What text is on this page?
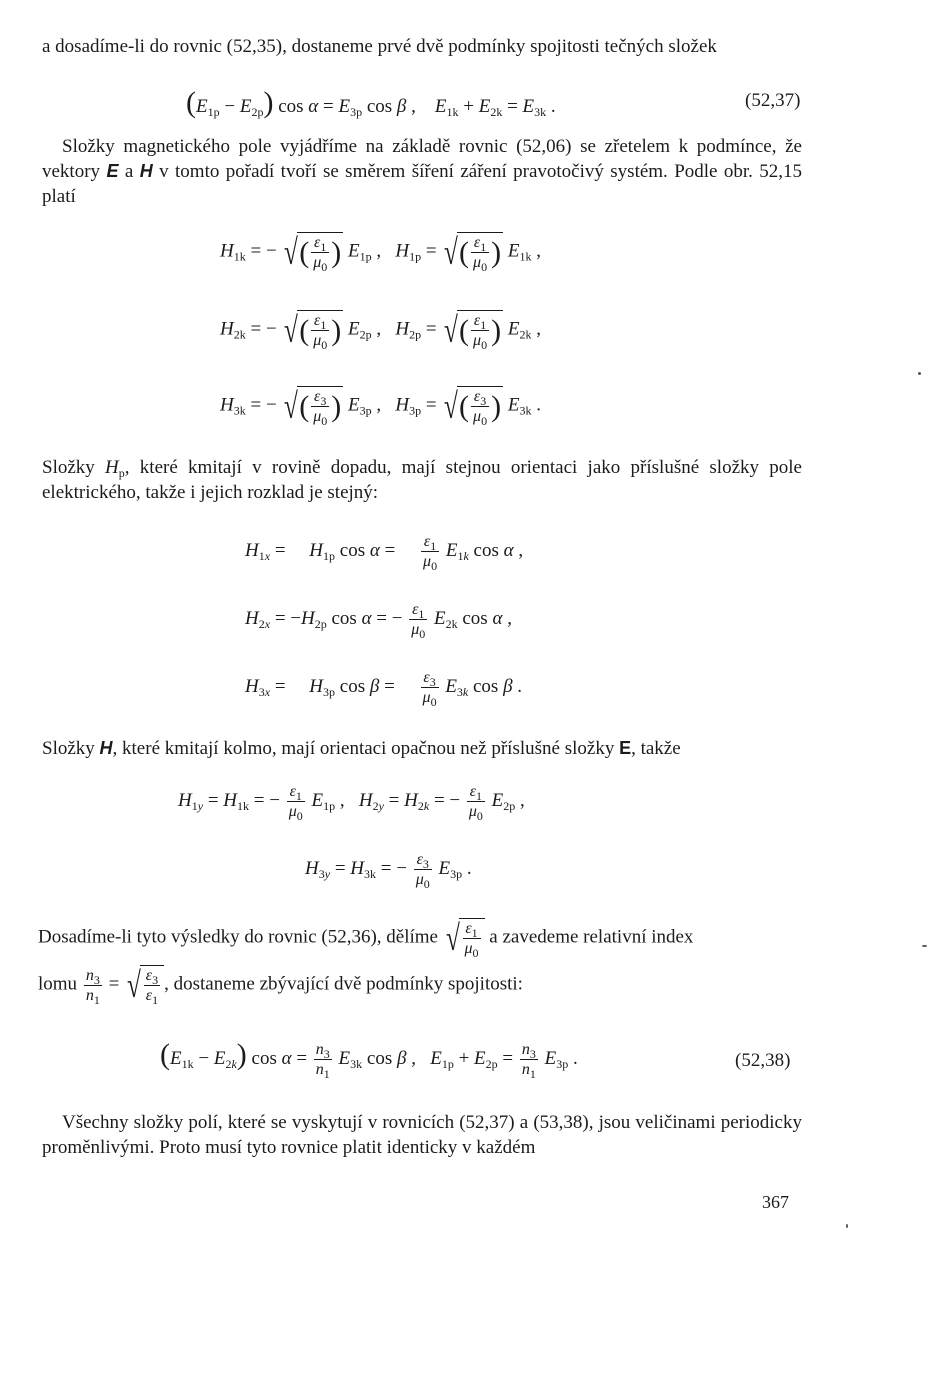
a dosadíme-li do rovnic (52,35), dostaneme prvé dvě podmínky spojitosti tečných složek
$(E_{1p} - E_{2p})$ $\cos \alpha = E_{3p}$ cos β ,    $E_{1k} + E_{2k} = E_{3k}$ .	(52,37)
Složky magnetického pole vyjádříme na základě rovnic (52,06) se zřetelem k podmínce, že vektory E a H v tomto pořadí tvoří se směrem šíření záření pravotočivý systém. Podle obr. 52,15 platí
$H_{1k}$ = − √ ( $\frac{\varepsilon_1}{\mu_0}$ ) $E_{1p}$ ,   $H_{1p}$ = √ ( $\frac{\varepsilon_1}{\mu_0}$ ) $E_{1k}$ ,
$H_{2k}$ = − √ ( $\frac{\varepsilon_1}{\mu_0}$ ) $E_{2p}$ ,   $H_{2p}$ = √ ( $\frac{\varepsilon_1}{\mu_0}$ ) $E_{2k}$ ,
$H_{3k}$ = − √ ( $\frac{\varepsilon_3}{\mu_0}$ ) $E_{3p}$ ,   $H_{3p}$ = √ ( $\frac{\varepsilon_3}{\mu_0}$ ) $E_{3k}$ .
Složky $H_p$, které kmitají v rovině dopadu, mají stejnou orientaci jako příslušné složky pole elektrického, takže i jejich rozklad je stejný:
$H_{1x}$ =     $H_{1p}$ $\cos \alpha = \frac{\varepsilon_1}{\mu_0} E_{1k}$ cos α ,
$H_{2x} = -H_{2p}$ cos α = − $\frac{\varepsilon_1}{\mu_0} E_{2k}$ cos α ,
$H_{3x}$ =     $H_{3p}$ $\cos \beta = \frac{\varepsilon_3}{\mu_0} E_{3k}$ cos β .
Složky H, které kmitají kolmo, mají orientaci opačnou než příslušné složky E, takže
$H_{1y} = H_{1k}$ = − $\frac{\varepsilon_1}{\mu_0} E_{1p}$ ,   $H_{2y} = H_{2k}$ = − $\frac{\varepsilon_1}{\mu_0} E_{2p}$ ,
$H_{3y} = H_{3k}$ = − $\frac{\varepsilon_3}{\mu_0} E_{3p}$ .
Dosadíme-li tyto výsledky do rovnic (52,36), dělíme √ $\frac{\varepsilon_1}{\mu_0}$ a zavedeme relativní index
lomu $\frac{n_3}{n_1}$ = √ $\frac{\varepsilon_3}{\varepsilon_1}$ , dostaneme zbývající dvě podmínky spojitosti:
$(E_{1k} - E_{2k})$ $\cos \alpha = \frac{n_3}{n_1} E_{3k}$ cos β ,   $E_{1p} + E_{2p} = \frac{n_3}{n_1} E_{3p}$ .	(52,38)
Všechny složky polí, které se vyskytují v rovnicích (52,37) a (53,38), jsou veličinami periodicky proměnlivými. Proto musí tyto rovnice platit identicky v každém
367
